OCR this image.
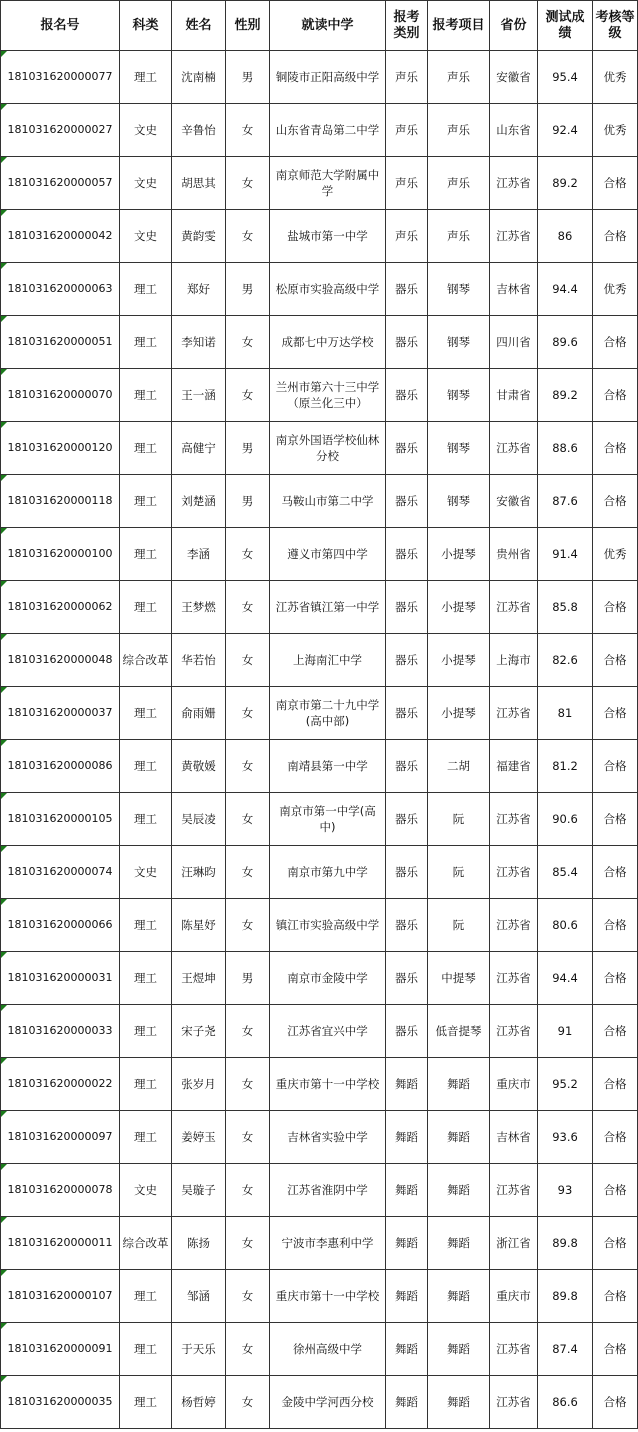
报名号	科类	姓名	性别	就读中学	报考类别	报考项目	省份	测试成绩	考核等级
181031620000077	理工	沈南楠	男	铜陵市正阳高级中学	声乐	声乐	安徽省	95.4	优秀
181031620000027	文史	辛鲁怡	女	山东省青岛第二中学	声乐	声乐	山东省	92.4	优秀
181031620000057	文史	胡思其	女	南京师范大学附属中学	声乐	声乐	江苏省	89.2	合格
181031620000042	文史	黄韵雯	女	盐城市第一中学	声乐	声乐	江苏省	86	合格
181031620000063	理工	郑好	男	松原市实验高级中学	器乐	钢琴	吉林省	94.4	优秀
181031620000051	理工	李知诺	女	成都七中万达学校	器乐	钢琴	四川省	89.6	合格
181031620000070	理工	王一涵	女	兰州市第六十三中学（原兰化三中）	器乐	钢琴	甘肃省	89.2	合格
181031620000120	理工	高健宁	男	南京外国语学校仙林分校	器乐	钢琴	江苏省	88.6	合格
181031620000118	理工	刘楚涵	男	马鞍山市第二中学	器乐	钢琴	安徽省	87.6	合格
181031620000100	理工	李涵	女	遵义市第四中学	器乐	小提琴	贵州省	91.4	优秀
181031620000062	理工	王梦燃	女	江苏省镇江第一中学	器乐	小提琴	江苏省	85.8	合格
181031620000048	综合改革	华若怡	女	上海南汇中学	器乐	小提琴	上海市	82.6	合格
181031620000037	理工	俞雨姗	女	南京市第二十九中学(高中部)	器乐	小提琴	江苏省	81	合格
181031620000086	理工	黄敬媛	女	南靖县第一中学	器乐	二胡	福建省	81.2	合格
181031620000105	理工	吴辰凌	女	南京市第一中学(高中)	器乐	阮	江苏省	90.6	合格
181031620000074	文史	汪琳昀	女	南京市第九中学	器乐	阮	江苏省	85.4	合格
181031620000066	理工	陈星妤	女	镇江市实验高级中学	器乐	阮	江苏省	80.6	合格
181031620000031	理工	王煜坤	男	南京市金陵中学	器乐	中提琴	江苏省	94.4	合格
181031620000033	理工	宋子尧	女	江苏省宜兴中学	器乐	低音提琴	江苏省	91	合格
181031620000022	理工	张岁月	女	重庆市第十一中学校	舞蹈	舞蹈	重庆市	95.2	合格
181031620000097	理工	姜婷玉	女	吉林省实验中学	舞蹈	舞蹈	吉林省	93.6	合格
181031620000078	文史	吴璇子	女	江苏省淮阴中学	舞蹈	舞蹈	江苏省	93	合格
181031620000011	综合改革	陈扬	女	宁波市李惠利中学	舞蹈	舞蹈	浙江省	89.8	合格
181031620000107	理工	邹涵	女	重庆市第十一中学校	舞蹈	舞蹈	重庆市	89.8	合格
181031620000091	理工	于天乐	女	徐州高级中学	舞蹈	舞蹈	江苏省	87.4	合格
181031620000035	理工	杨哲婷	女	金陵中学河西分校	舞蹈	舞蹈	江苏省	86.6	合格
